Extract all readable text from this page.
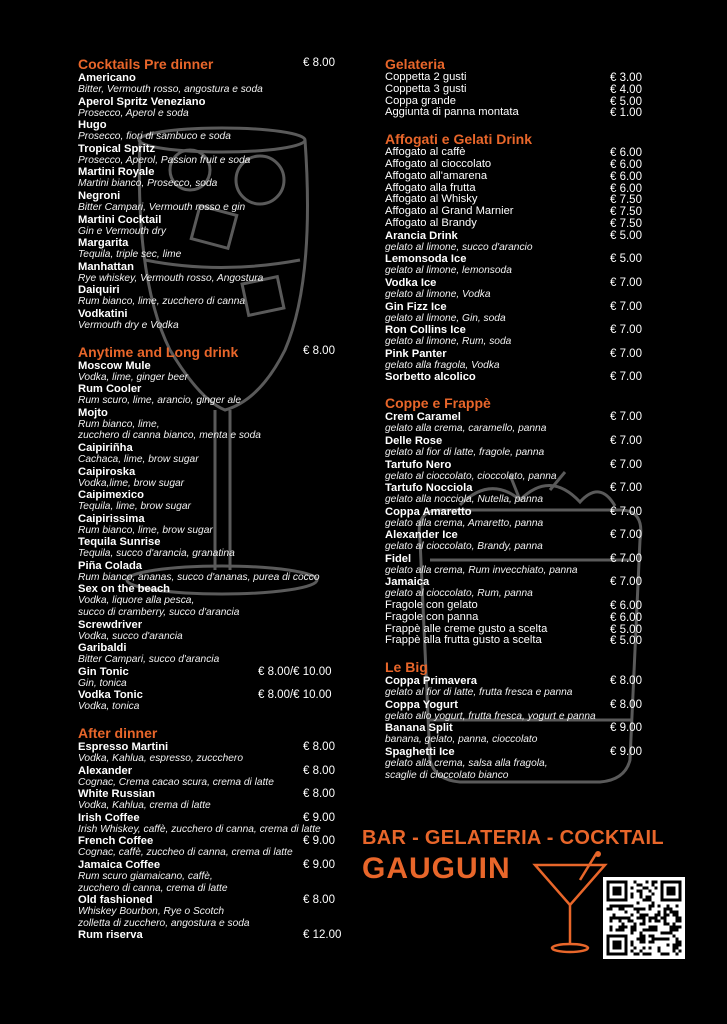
Cocktails Pre dinner	€ 8.00
Americano
Bitter, Vermouth rosso, angostura e soda
Aperol Spritz Veneziano
Prosecco, Aperol e soda
Hugo
Prosecco, fiori di sambuco e soda
Tropical Spritz
Prosecco, Aperol, Passion fruit e soda
Martini Royale
Martini bianco, Prosecco, soda
Negroni
Bitter Campari, Vermouth rosso e gin
Martini Cocktail
Gin e Vermouth dry
Margarita
Tequila, triple sec, lime
Manhattan
Rye whiskey, Vermouth rosso, Angostura
Daiquiri
Rum bianco, lime, zucchero di canna
Vodkatini
Vermouth dry e Vodka
Anytime and Long drink	€ 8.00
Moscow Mule
Vodka, lime, ginger beer
Rum Cooler
Rum scuro, lime, arancio, ginger ale
Mojto
Rum bianco, lime,
zucchero di canna bianco, menta e soda
Caipiriñha
Cachaca, lime, brow sugar
Caipiroska
Vodka,lime, brow sugar
Caipimexico
Tequila, lime, brow sugar
Caipirissima
Rum bianco, lime, brow sugar
Tequila Sunrise
Tequila, succo d'arancia, granatina
Piña Colada
Rum bianco, ananas, succo d'ananas, purea di cocco
Sex on the beach
Vodka, liquore alla pesca,
succo di cramberry, succo d'arancia
Screwdriver
Vodka, succo d'arancia
Garibaldi
Bitter Campari, succo d'arancia
Gin Tonic	€ 8.00/€ 10.00
Gin, tonica
Vodka Tonic	€ 8.00/€ 10.00
Vodka, tonica
After dinner
Espresso Martini	€ 8.00
Vodka, Kahlua, espresso, zuccchero
Alexander	€ 8.00
Cognac, Crema cacao scura, crema di latte
White Russian	€ 8.00
Vodka, Kahlua, crema di latte
Irish Coffee	€ 9.00
Irish Whiskey, caffè, zucchero di canna, crema di latte
French Coffee	€ 9.00
Cognac, caffè, zuccheo di canna, crema di latte
Jamaica Coffee	€ 9.00
Rum scuro giamaicano, caffè,
zucchero di canna, crema di latte
Old fashioned	€ 8.00
Whiskey Bourbon, Rye o Scotch
zolletta di zucchero, angostura e soda
Rum riserva	€ 12.00
Gelateria
Coppetta 2 gusti	€ 3.00
Coppetta 3 gusti	€ 4.00
Coppa grande	€ 5.00
Aggiunta di panna montata	€ 1.00
Affogati e Gelati Drink
Affogato al caffè	€ 6.00
Affogato al cioccolato	€ 6.00
Affogato all'amarena	€ 6.00
Affogato alla frutta	€ 6.00
Affogato al Whisky	€ 7.50
Affogato al Grand Marnier	€ 7.50
Affogato al Brandy	€ 7.50
Arancia Drink	€ 5.00
gelato al limone, succo d'arancio
Lemonsoda Ice	€ 5.00
gelato al limone, lemonsoda
Vodka Ice	€ 7.00
gelato al limone, Vodka
Gin Fizz Ice	€ 7.00
gelato al limone, Gin, soda
Ron Collins Ice	€ 7.00
gelato al limone, Rum, soda
Pink Panter	€ 7.00
gelato alla fragola, Vodka
Sorbetto alcolico	€ 7.00
Coppe e Frappè
Crem Caramel	€ 7.00
gelato alla crema, caramello, panna
Delle Rose	€ 7.00
gelato al fior di latte, fragole, panna
Tartufo Nero	€ 7.00
gelato al cioccolato, cioccolato, panna
Tartufo Nocciola	€ 7.00
gelato alla nocciola, Nutella, panna
Coppa Amaretto	€ 7.00
gelato alla crema, Amaretto, panna
Alexander Ice	€ 7.00
gelato al cioccolato, Brandy, panna
Fidel	€ 7.00
gelato alla crema, Rum invecchiato, panna
Jamaica	€ 7.00
gelato al cioccolato, Rum, panna
Fragole con gelato	€ 6.00
Fragole con panna	€ 6.00
Frappè alle creme gusto a scelta	€ 5.00
Frappè alla frutta gusto a scelta	€ 5.00
Le Big
Coppa Primavera	€ 8.00
gelato al fior di latte, frutta fresca e panna
Coppa Yogurt	€ 8.00
gelato allo yogurt, frutta fresca, yogurt e panna
Banana Split	€ 9.00
banana, gelato, panna, cioccolato
Spaghetti Ice	€ 9.00
gelato alla crema, salsa alla fragola,
scaglie di cioccolato bianco
BAR - GELATERIA - COCKTAIL
GAUGUIN
